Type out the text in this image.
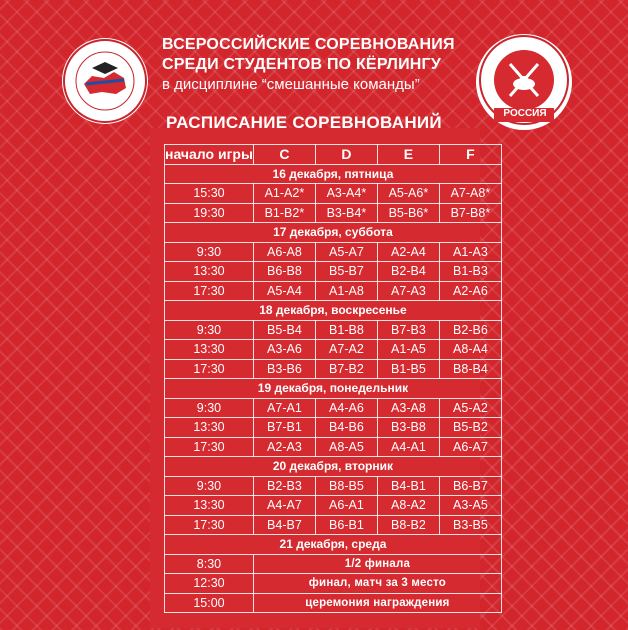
РОССИЯ
ВСЕРОССИЙСКИЕ СОРЕВНОВАНИЯ
СРЕДИ СТУДЕНТОВ ПО КЁРЛИНГУ
в дисциплине “смешанные команды”
РАСПИСАНИЕ СОРЕВНОВАНИЙ
начало игры	C	D	E	F
16 декабря, пятница				
15:30	A1-A2*	A3-A4*	A5-A6*	A7-A8*
19:30	B1-B2*	B3-B4*	B5-B6*	B7-B8*
17 декабря, суббота				
9:30	A6-A8	A5-A7	A2-A4	A1-A3
13:30	B6-B8	B5-B7	B2-B4	B1-B3
17:30	A5-A4	A1-A8	A7-A3	A2-A6
18 декабря, воскресенье				
9:30	B5-B4	B1-B8	B7-B3	B2-B6
13:30	A3-A6	A7-A2	A1-A5	A8-A4
17:30	B3-B6	B7-B2	B1-B5	B8-B4
19 декабря, понедельник				
9:30	A7-A1	A4-A6	A3-A8	A5-A2
13:30	B7-B1	B4-B6	B3-B8	B5-B2
17:30	A2-A3	A8-A5	A4-A1	A6-A7
20 декабря, вторник				
9:30	B2-B3	B8-B5	B4-B1	B6-B7
13:30	A4-A7	A6-A1	A8-A2	A3-A5
17:30	B4-B7	B6-B1	B8-B2	B3-B5
21 декабря, среда				
8:30	1/2 финала			
12:30	финал, матч за 3 место			
15:00	церемония награждения			
